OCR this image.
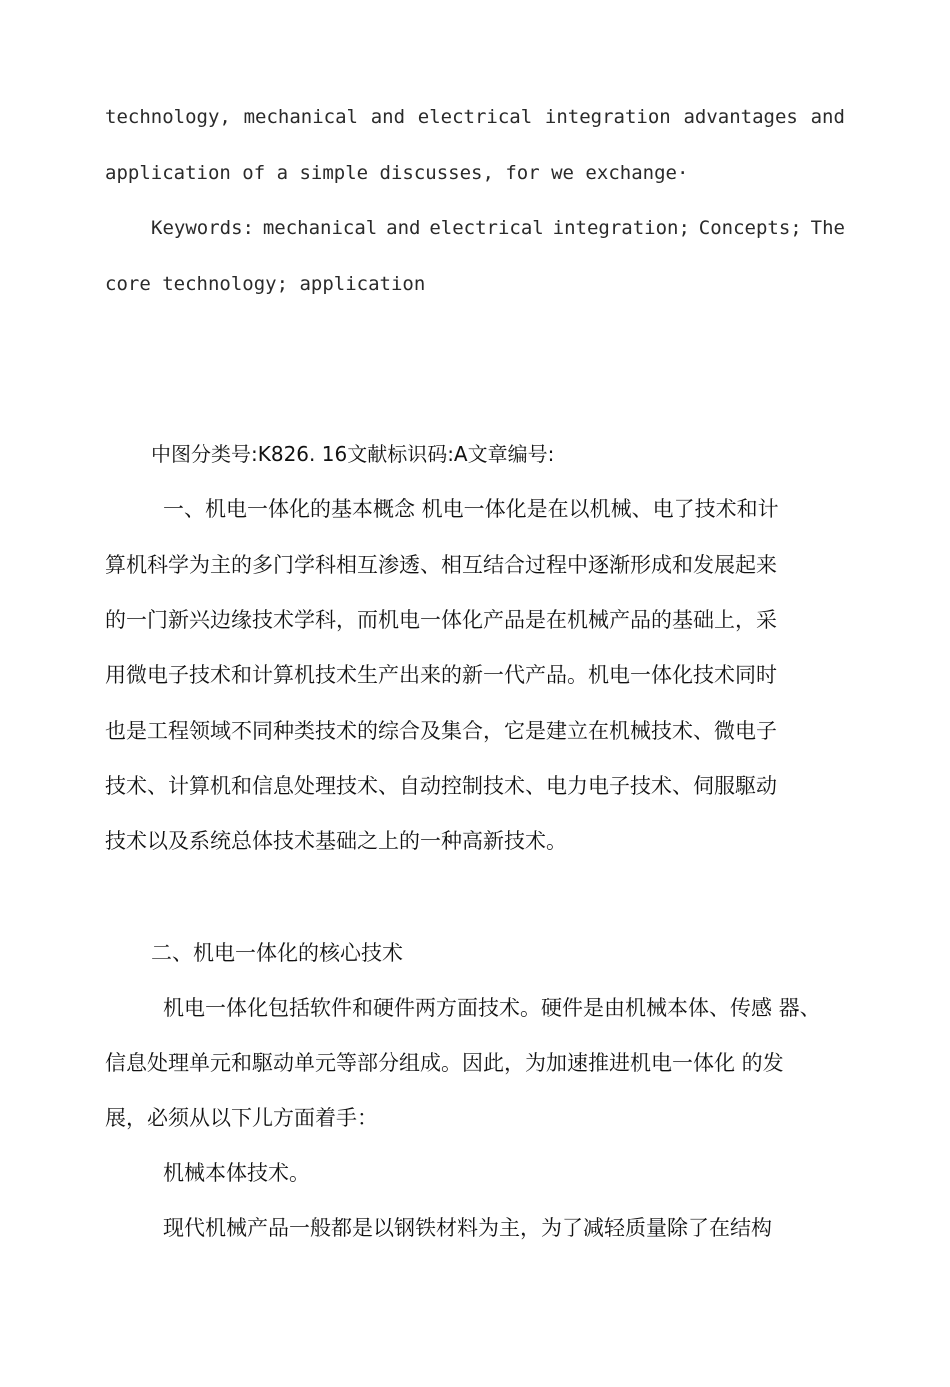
technology, mechanical and electrical integration advantages and

application of a simple discusses, for we exchange·

Keywords: mechanical and electrical integration; Concepts; The

core technology; application

中图分类号:K826. 16文献标识码:A文章编号:

一、机电一体化的基本概念 机电一体化是在以机械、电了技术和计

算机科学为主的多门学科相互渗透、相互结合过程中逐渐形成和发展起来

的一门新兴边缘技术学科，而机电一体化产品是在机械产品的基础上，采

用微电子技术和计算机技术生产出来的新一代产品。机电一体化技术同时

也是工程领域不同种类技术的综合及集合，它是建立在机械技术、微电子

技术、计算机和信息处理技术、自动控制技术、电力电子技术、伺服駆动

技术以及系统总体技术基础之上的一种高新技术。

二、机电一体化的核心技术

机电一体化包括软件和硬件两方面技术。硬件是由机械本体、传感 器、

信息处理单元和駆动单元等部分组成。因此，为加速推进机电一体化 的发

展，必须从以下儿方面着手：

机械本体技术。

现代机械产品一般都是以钢铁材料为主，为了减轻质量除了在结构
